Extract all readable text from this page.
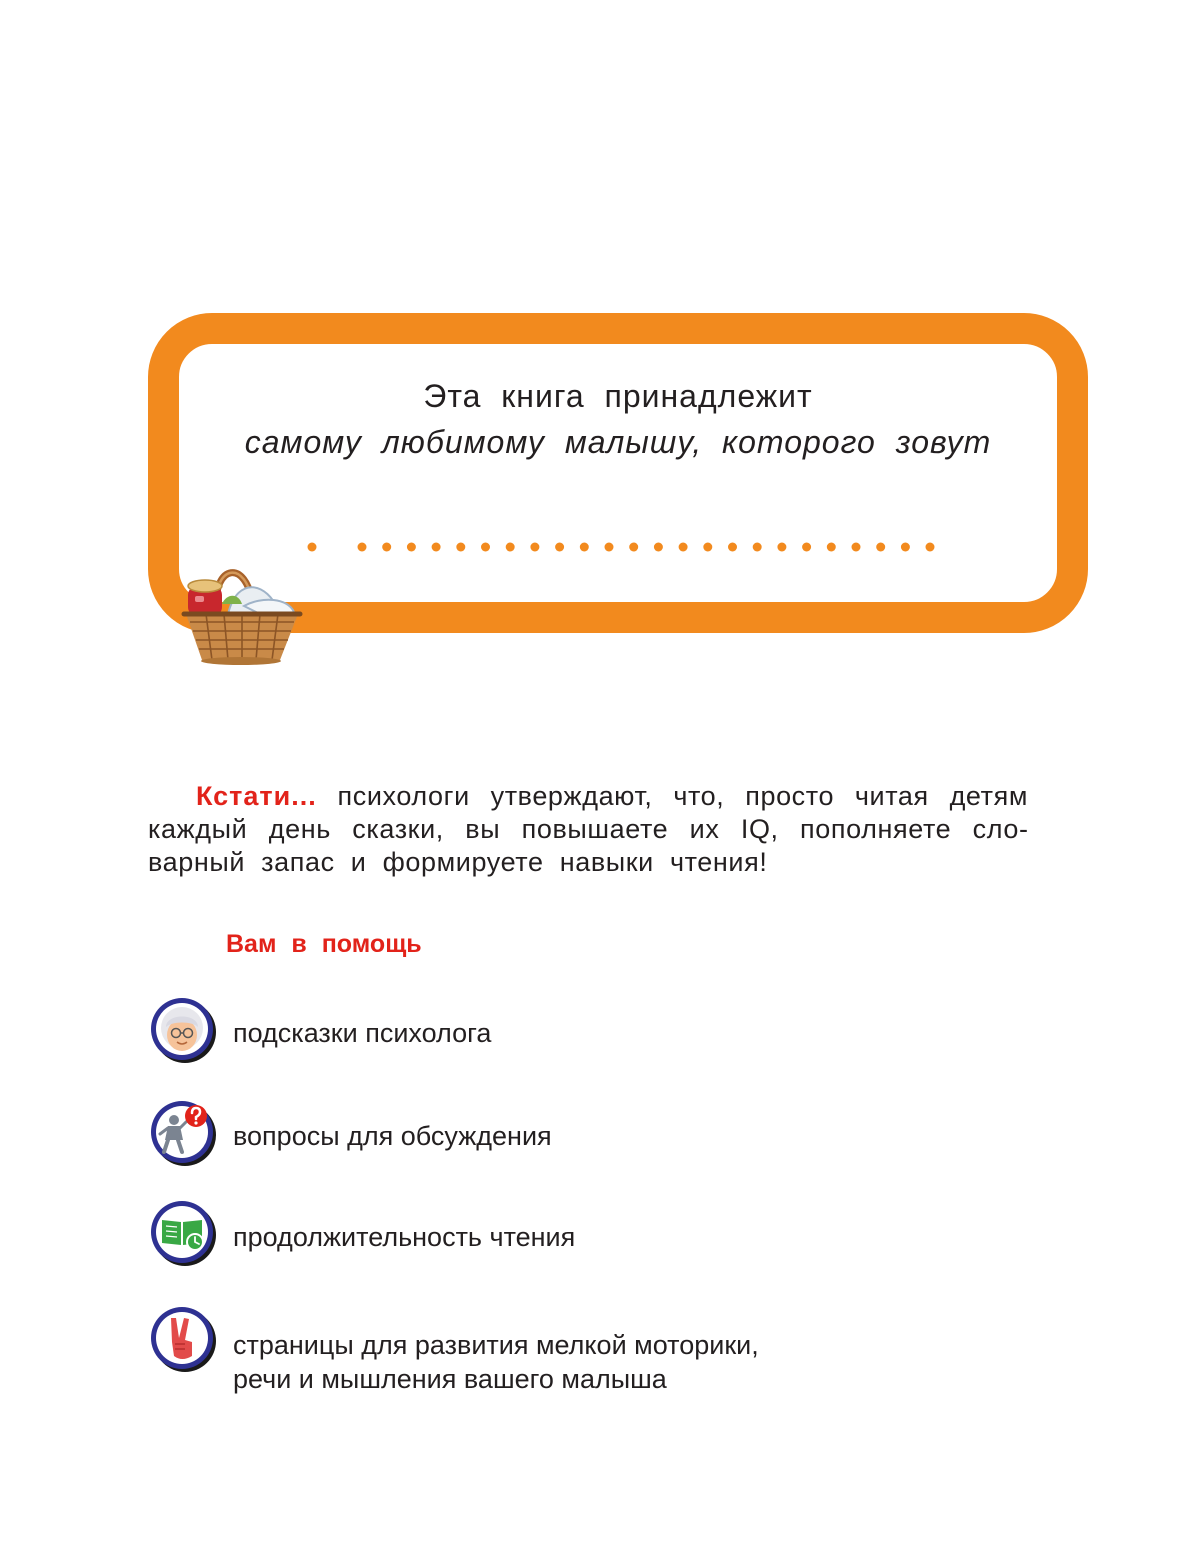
Эта книга принадлежит

самому любимому малышу, которого зовут

Кстати... психологи утверждают, что, просто читая детям каждый день сказки, вы повышаете их IQ, пополняете словарный запас и формируете навыки чтения!

Вам в помощь

подсказки психолога

вопросы для обсуждения

продолжительность чтения

страницы для развития мелкой моторики,

речи и мышления вашего малыша
